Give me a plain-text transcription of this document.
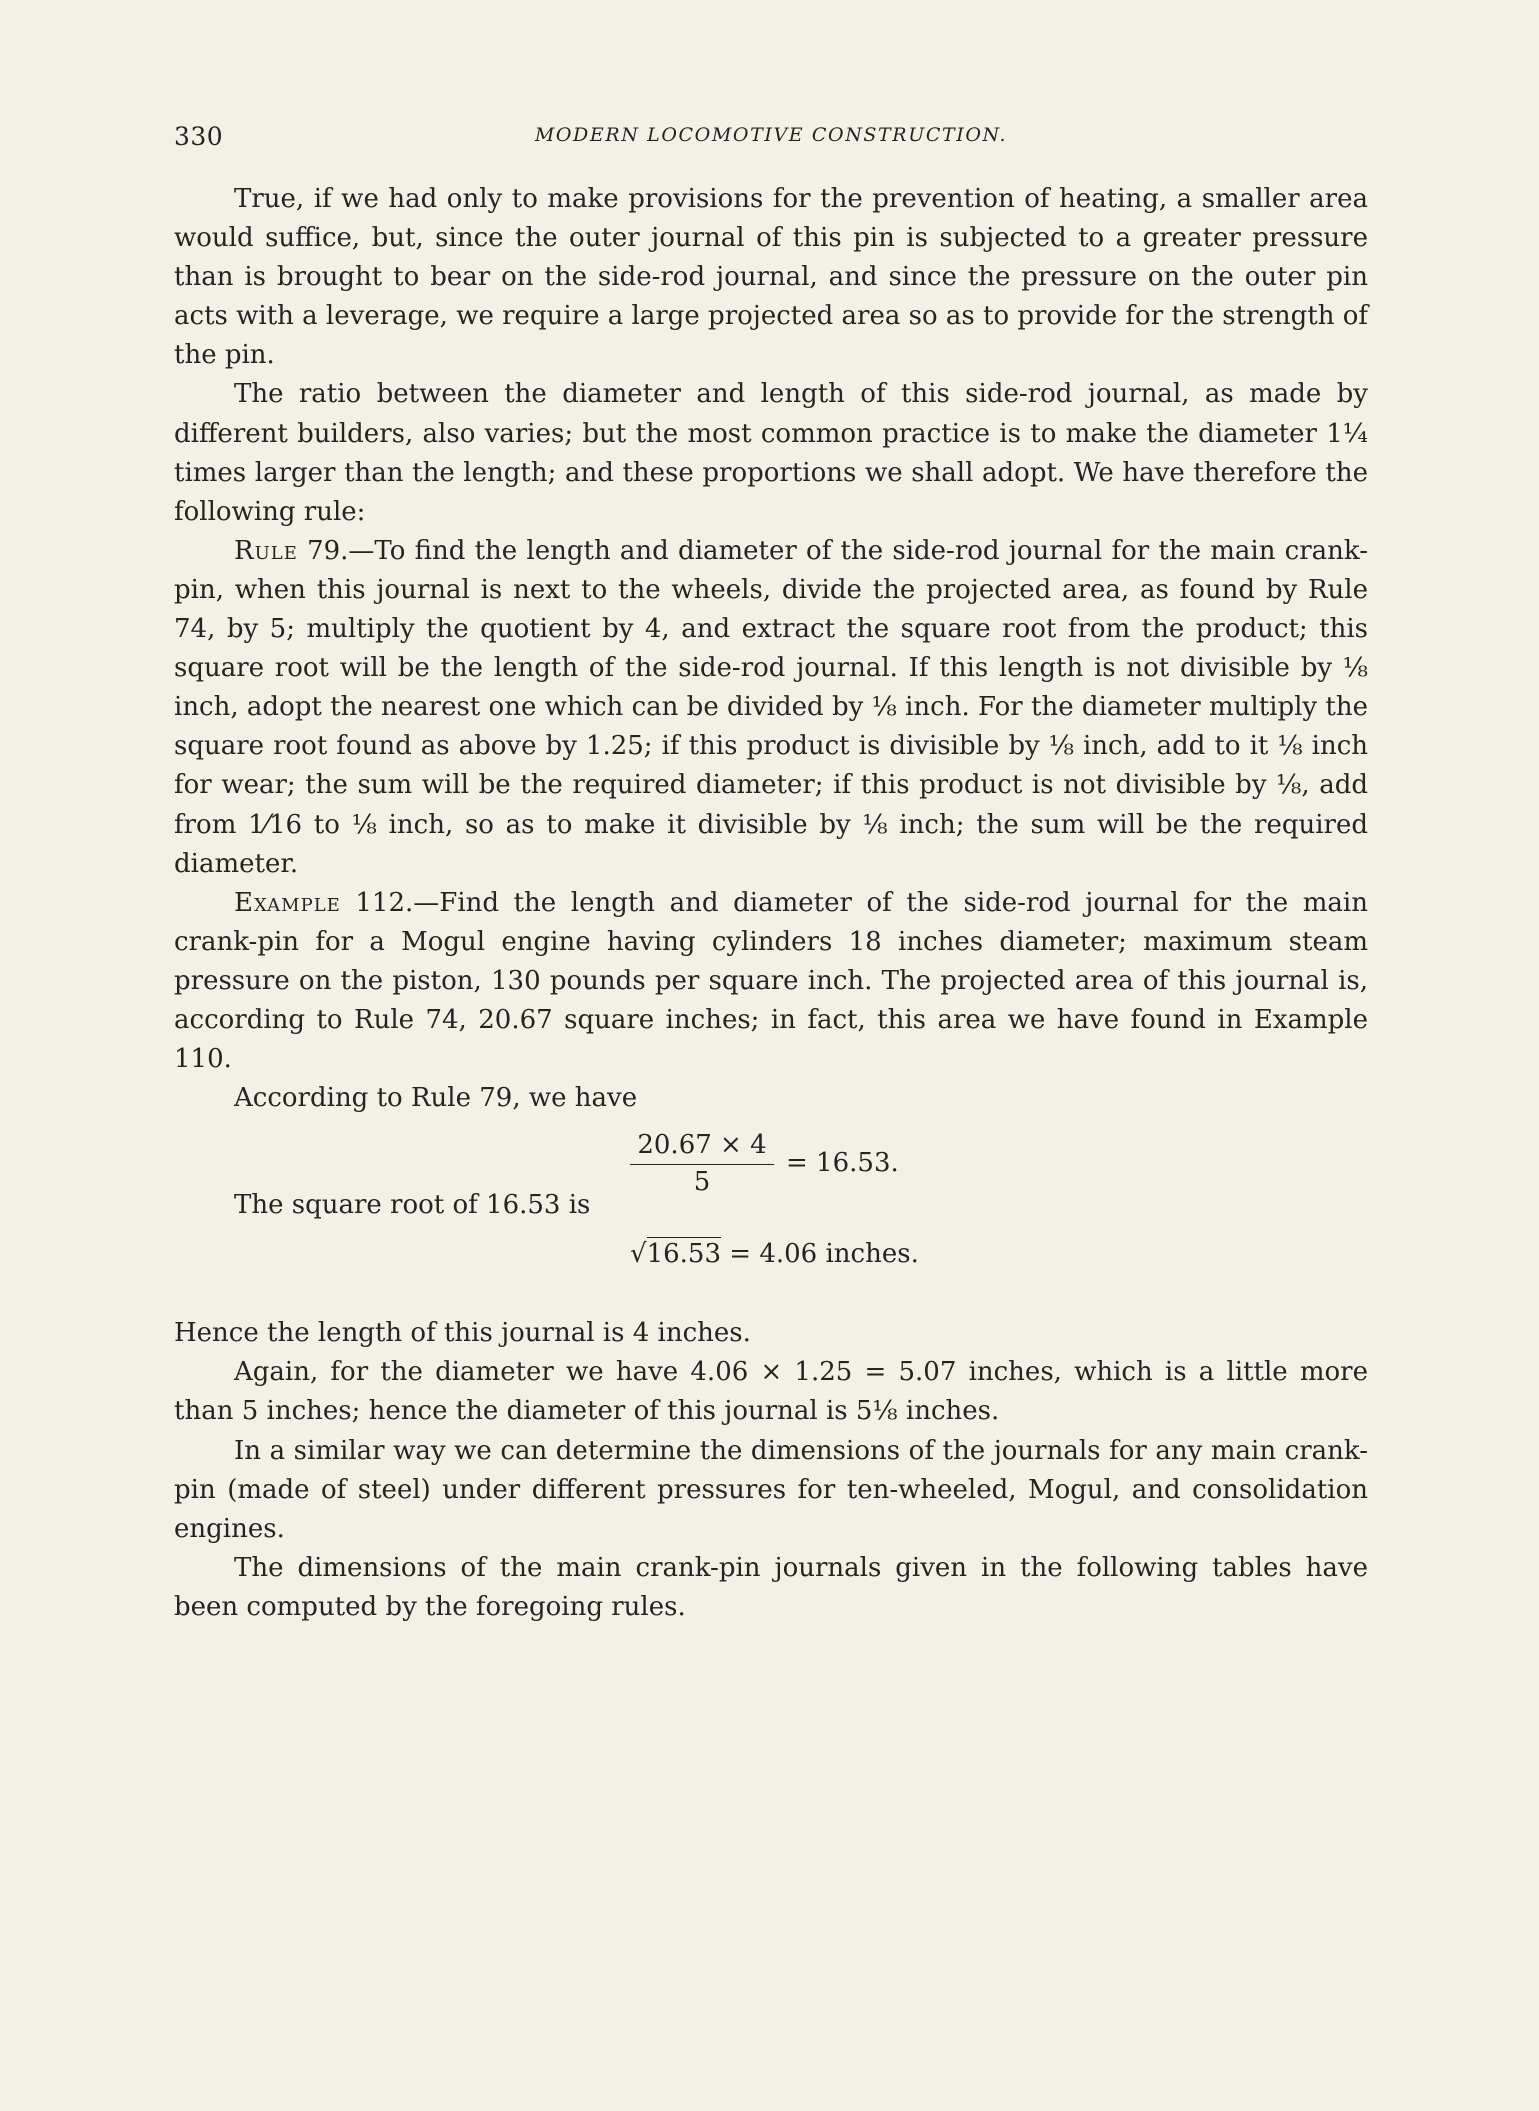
330	MODERN LOCOMOTIVE CONSTRUCTION.

True, if we had only to make provisions for the prevention of heating, a smaller area would suffice, but, since the outer journal of this pin is subjected to a greater pressure than is brought to bear on the side-rod journal, and since the pressure on the outer pin acts with a leverage, we require a large projected area so as to provide for the strength of the pin.

The ratio between the diameter and length of this side-rod journal, as made by different builders, also varies; but the most common practice is to make the diameter 1¼ times larger than the length; and these proportions we shall adopt. We have therefore the following rule:

Rule 79.—To find the length and diameter of the side-rod journal for the main crank-pin, when this journal is next to the wheels, divide the projected area, as found by Rule 74, by 5; multiply the quotient by 4, and extract the square root from the product; this square root will be the length of the side-rod journal. If this length is not divisible by ⅛ inch, adopt the nearest one which can be divided by ⅛ inch. For the diameter multiply the square root found as above by 1.25; if this product is divisible by ⅛ inch, add to it ⅛ inch for wear; the sum will be the required diameter; if this product is not divisible by ⅛, add from 1⁄16 to ⅛ inch, so as to make it divisible by ⅛ inch; the sum will be the required diameter.

Example 112.—Find the length and diameter of the side-rod journal for the main crank-pin for a Mogul engine having cylinders 18 inches diameter; maximum steam pressure on the piston, 130 pounds per square inch. The projected area of this journal is, according to Rule 74, 20.67 square inches; in fact, this area we have found in Example 110.

According to Rule 79, we have

20.67 × 4
5
= 16.53.
The square root of 16.53 is
√16.53 = 4.06 inches.

Hence the length of this journal is 4 inches.

Again, for the diameter we have 4.06 × 1.25 = 5.07 inches, which is a little more than 5 inches; hence the diameter of this journal is 5⅛ inches.

In a similar way we can determine the dimensions of the journals for any main crank-pin (made of steel) under different pressures for ten-wheeled, Mogul, and consolidation engines.

The dimensions of the main crank-pin journals given in the following tables have been computed by the foregoing rules.
